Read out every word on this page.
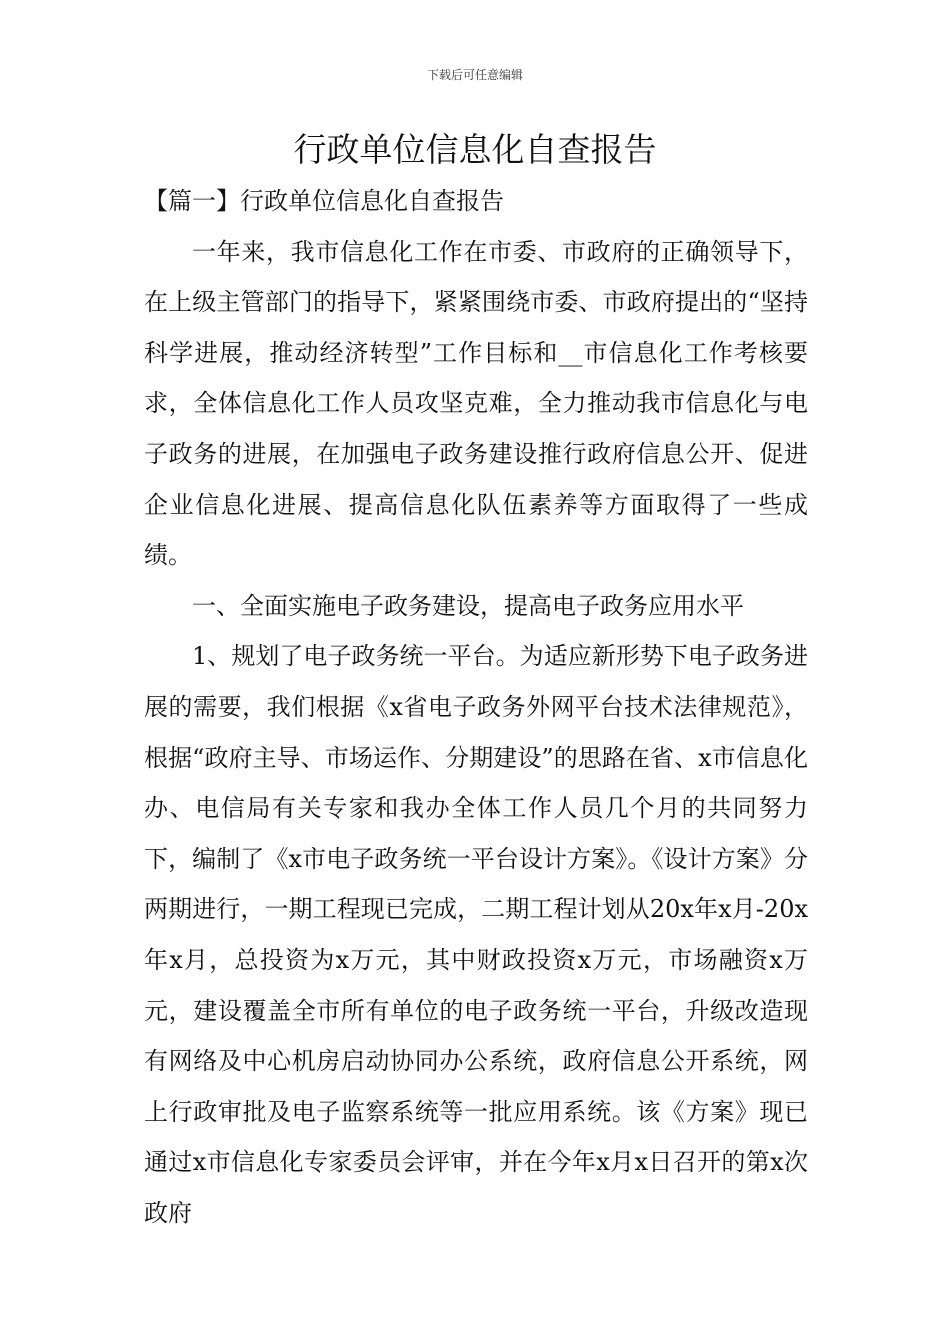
下载后可任意编辑
行政单位信息化自查报告

【篇一】行政单位信息化自查报告

一年来，我市信息化工作在市委、市政府的正确领导下，在上级主管部门的指导下，紧紧围绕市委、市政府提出的“坚持科学进展，推动经济转型”工作目标和__市信息化工作考核要求，全体信息化工作人员攻坚克难，全力推动我市信息化与电子政务的进展，在加强电子政务建设推行政府信息公开、促进企业信息化进展、提高信息化队伍素养等方面取得了一些成绩。

一、全面实施电子政务建设，提高电子政务应用水平

1、规划了电子政务统一平台。为适应新形势下电子政务进展的需要，我们根据《x省电子政务外网平台技术法律规范》，根据“政府主导、市场运作、分期建设”的思路在省、x市信息化办、电信局有关专家和我办全体工作人员几个月的共同努力下，编制了《x市电子政务统一平台设计方案》。《设计方案》分两期进行，一期工程现已完成，二期工程计划从20x年x月-20x年x月，总投资为x万元，其中财政投资x万元，市场融资x万元，建设覆盖全市所有单位的电子政务统一平台，升级改造现有网络及中心机房启动协同办公系统，政府信息公开系统，网上行政审批及电子监察系统等一批应用系统。该《方案》现已通过x市信息化专家委员会评审，并在今年x月x日召开的第x次政府
